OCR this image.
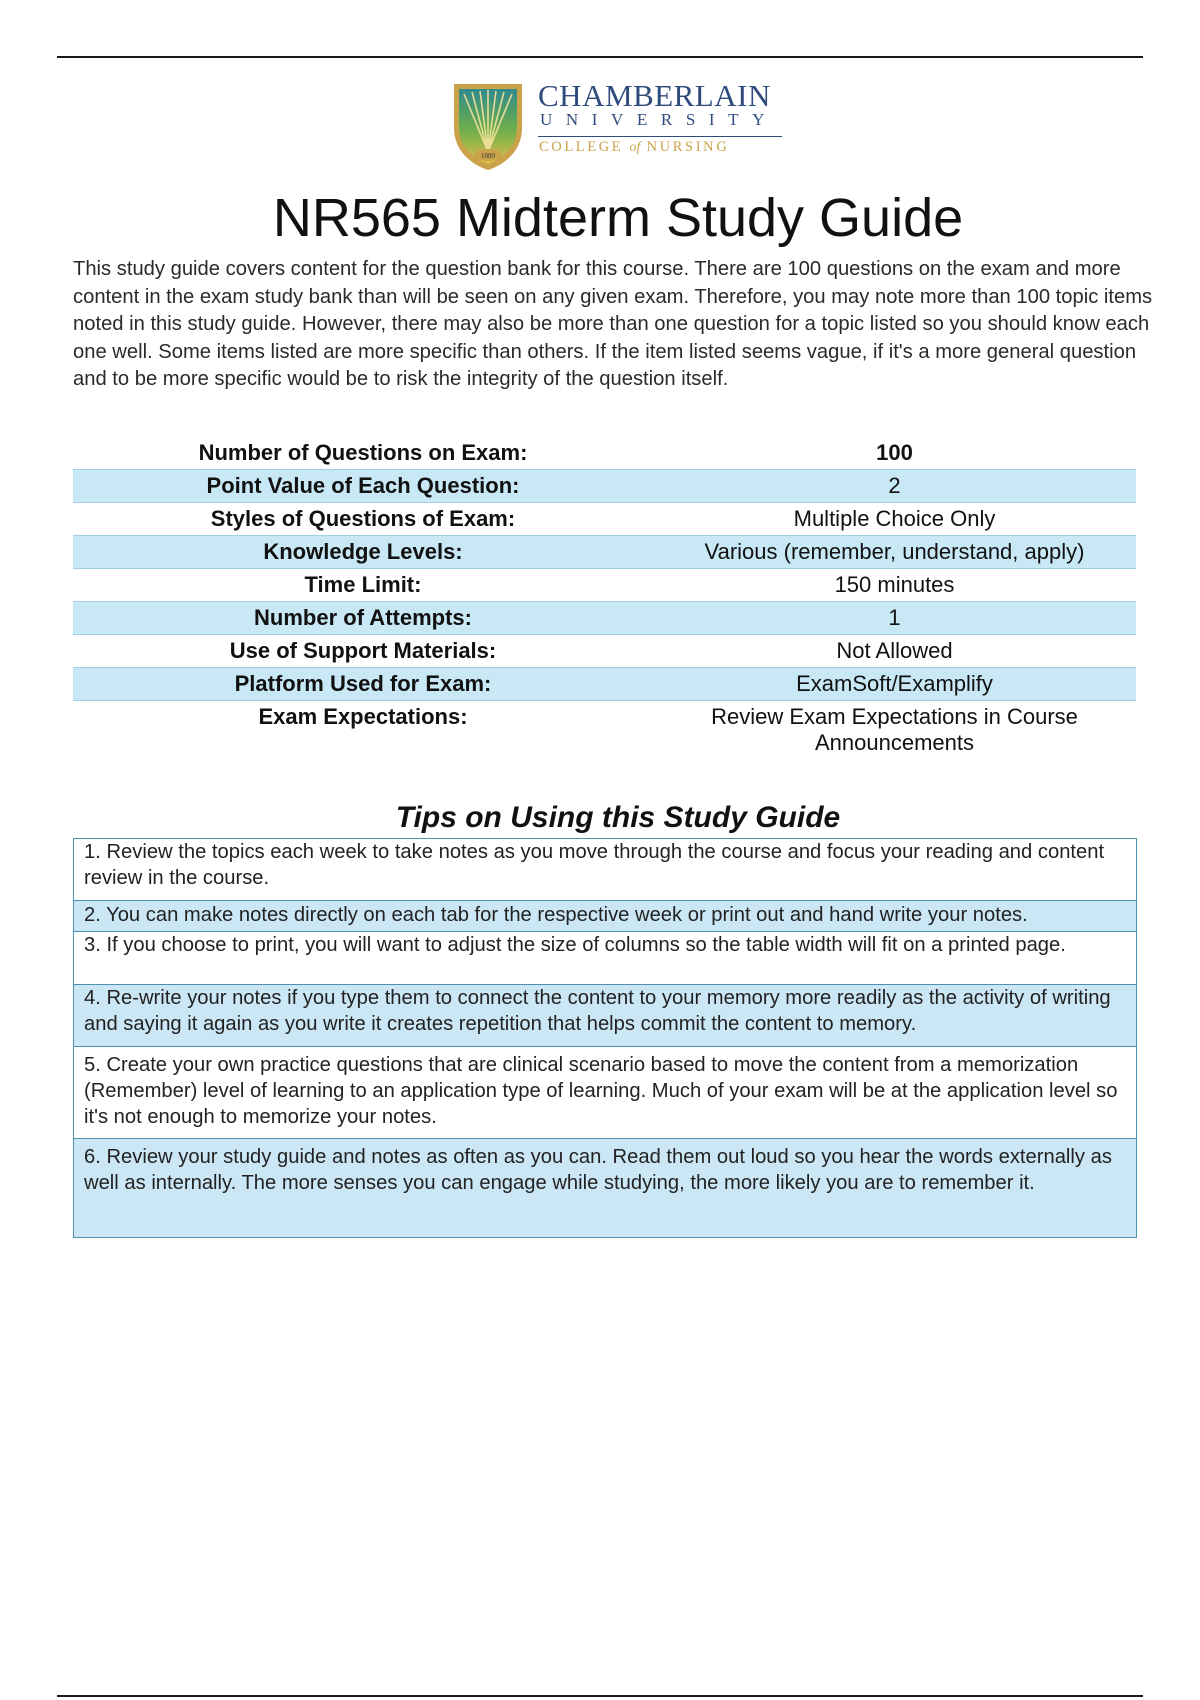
1889
CHAMBERLAIN
UNIVERSITY
COLLEGE of NURSING
NR565 Midterm Study Guide

This study guide covers content for the question bank for this course. There are 100 questions on the exam and more content in the exam study bank than will be seen on any given exam. Therefore, you may note more than 100 topic items noted in this study guide. However, there may also be more than one question for a topic listed so you should know each one well. Some items listed are more specific than others. If the item listed seems vague, if it's a more general question and to be more specific would be to risk the integrity of the question itself.

Number of Questions on Exam:	100
Point Value of Each Question:	2
Styles of Questions of Exam:	Multiple Choice Only
Knowledge Levels:	Various (remember, understand, apply)
Time Limit:	150 minutes
Number of Attempts:	1
Use of Support Materials:	Not Allowed
Platform Used for Exam:	ExamSoft/Examplify
Exam Expectations:	Review Exam Expectations in Course Announcements
Tips on Using this Study Guide
1. Review the topics each week to take notes as you move through the course and focus your reading and content review in the course.
2. You can make notes directly on each tab for the respective week or print out and hand write your notes.
3. If you choose to print, you will want to adjust the size of columns so the table width will fit on a printed page.
4. Re-write your notes if you type them to connect the content to your memory more readily as the activity of writing and saying it again as you write it creates repetition that helps commit the content to memory.
5. Create your own practice questions that are clinical scenario based to move the content from a memorization (Remember) level of learning to an application type of learning. Much of your exam will be at the application level so it's not enough to memorize your notes.
6. Review your study guide and notes as often as you can. Read them out loud so you hear the words externally as well as internally. The more senses you can engage while studying, the more likely you are to remember it.
